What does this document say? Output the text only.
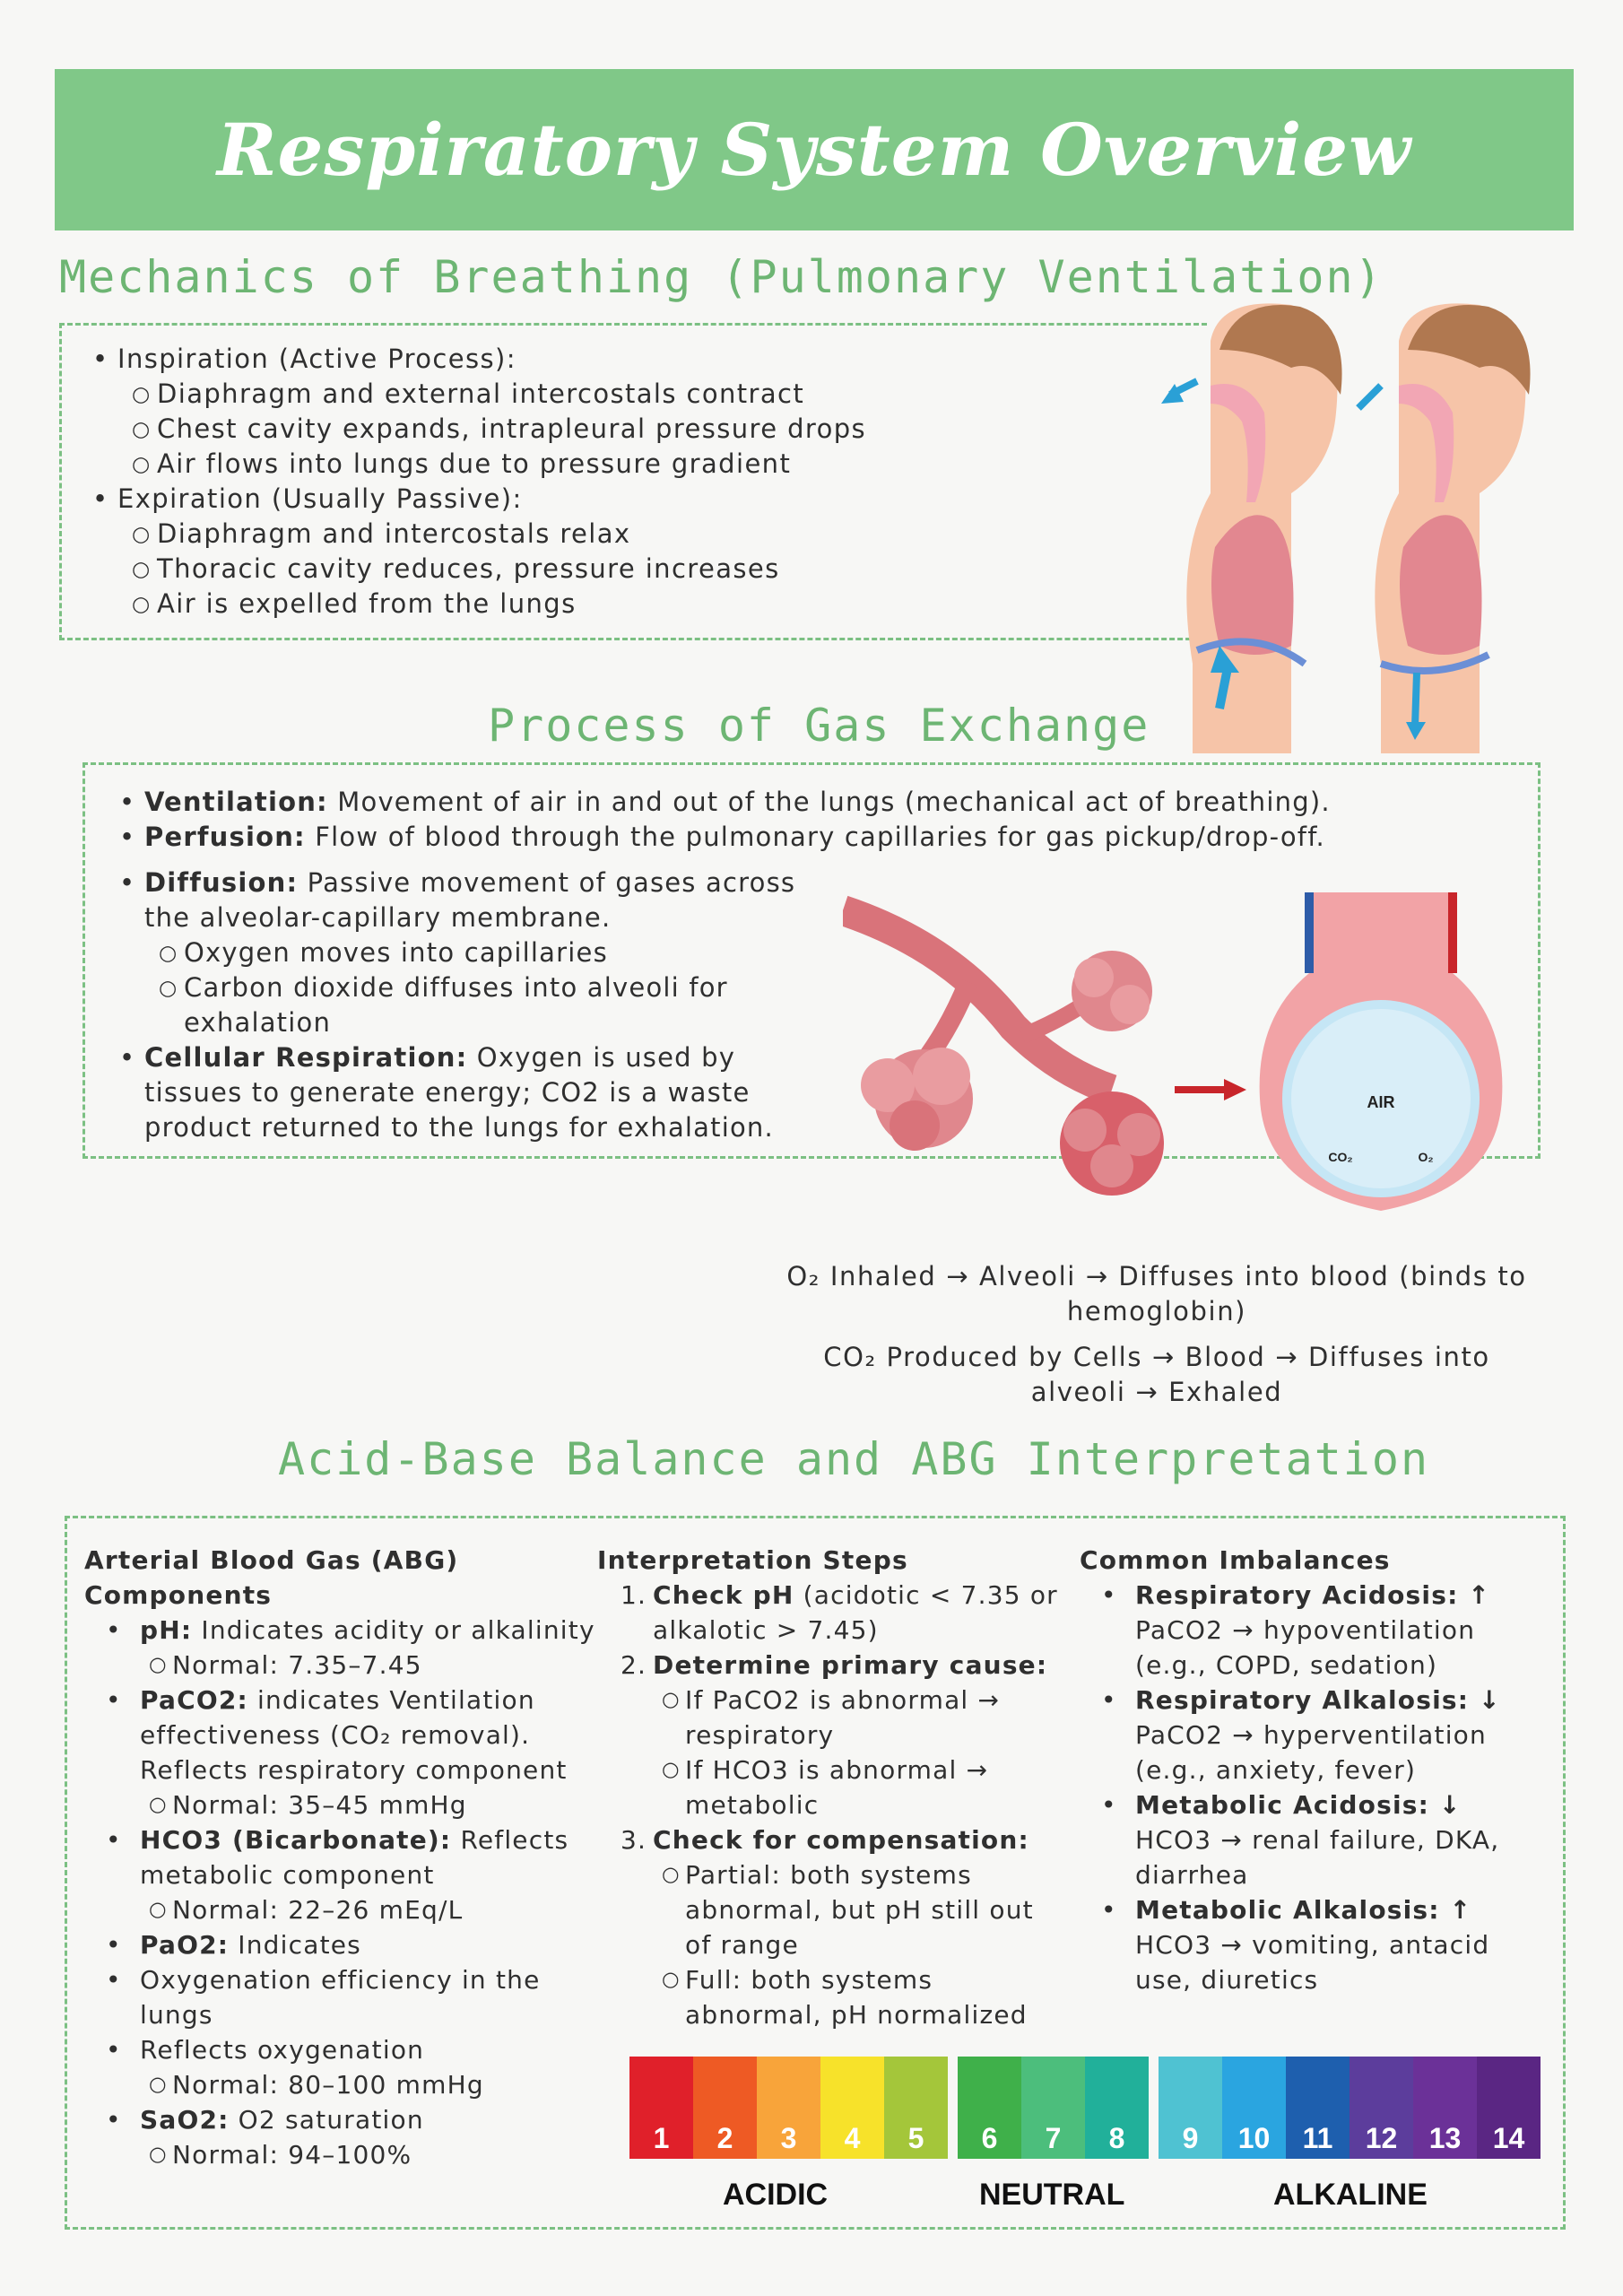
Respiratory System Overview
Mechanics of Breathing (Pulmonary Ventilation)
• Inspiration (Active Process):
○ Diaphragm and external intercostals contract
○ Chest cavity expands, intrapleural pressure drops
○ Air flows into lungs due to pressure gradient
• Expiration (Usually Passive):
○ Diaphragm and intercostals relax
○ Thoracic cavity reduces, pressure increases
○ Air is expelled from the lungs
Process of Gas Exchange
• Ventilation: Movement of air in and out of the lungs (mechanical act of breathing).
• Perfusion: Flow of blood through the pulmonary capillaries for gas pickup/drop-off.
• Diffusion: Passive movement of gases across the alveolar-capillary membrane.
○ Oxygen moves into capillaries
○ Carbon dioxide diffuses into alveoli for exhalation
• Cellular Respiration: Oxygen is used by tissues to generate energy; CO2 is a waste product returned to the lungs for exhalation.
AIR
CO₂	O₂
O₂ Inhaled → Alveoli → Diffuses into blood (binds to hemoglobin)
CO₂ Produced by Cells → Blood → Diffuses into alveoli → Exhaled
Acid-Base Balance and ABG Interpretation
Arterial Blood Gas (ABG) Components
• pH: Indicates acidity or alkalinity
○ Normal: 7.35–7.45
• PaCO2: indicates Ventilation effectiveness (CO₂ removal). Reflects respiratory component
○ Normal: 35–45 mmHg
• HCO3 (Bicarbonate): Reflects metabolic component
○ Normal: 22–26 mEq/L
• PaO2: Indicates
• Oxygenation efficiency in the lungs
• Reflects oxygenation
○ Normal: 80–100 mmHg
• SaO2: O2 saturation
○ Normal: 94–100%
Interpretation Steps
1. Check pH (acidotic < 7.35 or alkalotic > 7.45)
2. Determine primary cause:
○ If PaCO2 is abnormal → respiratory
○ If HCO3 is abnormal → metabolic
3. Check for compensation:
○ Partial: both systems abnormal, but pH still out of range
○ Full: both systems abnormal, pH normalized
Common Imbalances
• Respiratory Acidosis: ↑ PaCO2 → hypoventilation (e.g., COPD, sedation)
• Respiratory Alkalosis: ↓ PaCO2 → hyperventilation (e.g., anxiety, fever)
• Metabolic Acidosis: ↓ HCO3 → renal failure, DKA, diarrhea
• Metabolic Alkalosis: ↑ HCO3 → vomiting, antacid use, diuretics
1	2	3	4	5	6	7	8	9	10	11	12	13	14
ACIDIC	NEUTRAL	ALKALINE
